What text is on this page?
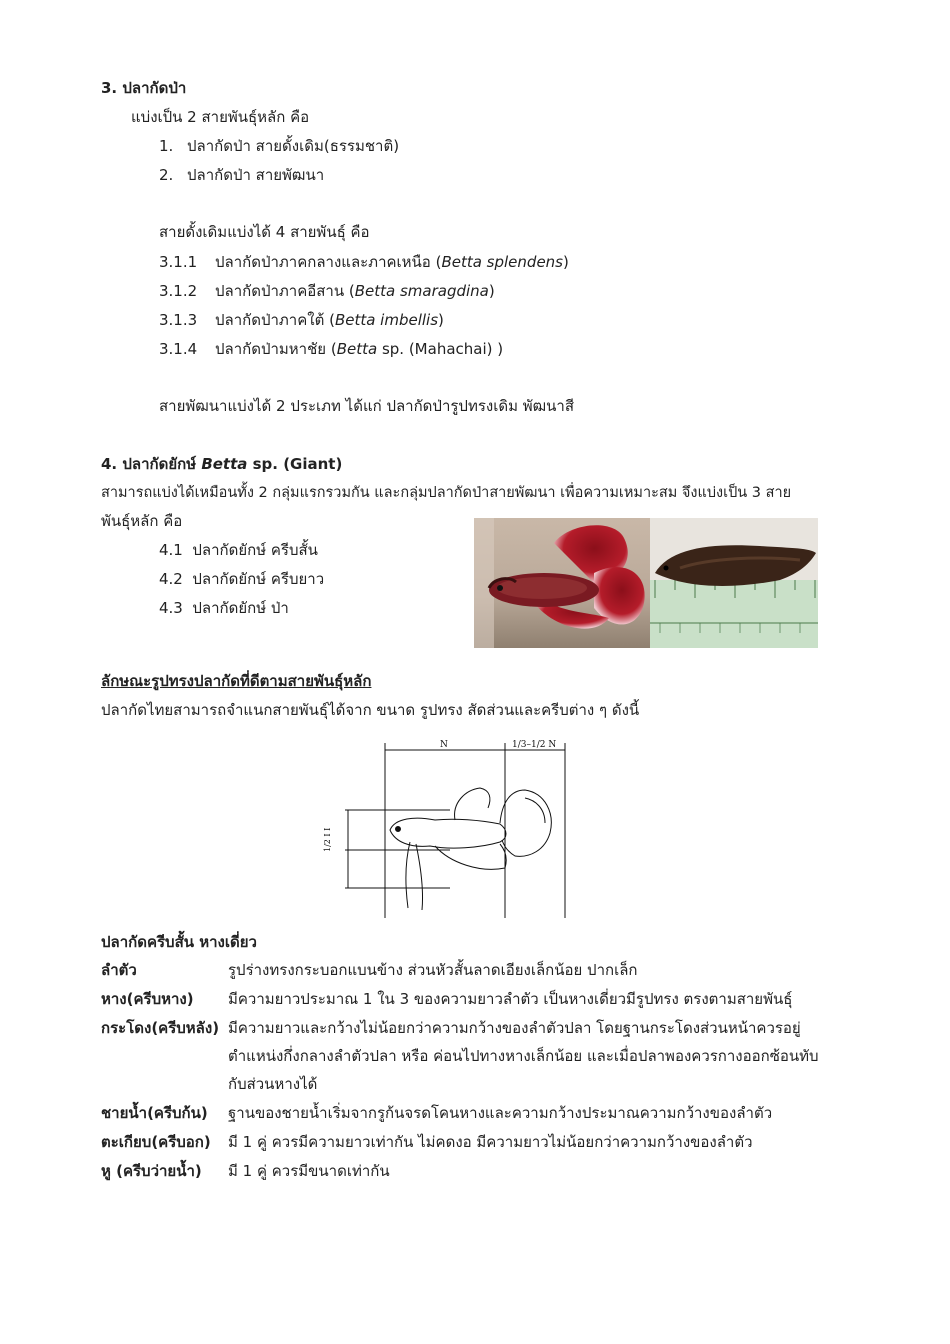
3. ปลากัดป่า
แบ่งเป็น 2 สายพันธุ์หลัก คือ
1. ปลากัดป่า สายดั้งเดิม(ธรรมชาติ)
2. ปลากัดป่า สายพัฒนา
สายดั้งเดิมแบ่งได้ 4 สายพันธุ์ คือ
3.1.1 ปลากัดป่าภาคกลางและภาคเหนือ (Betta splendens)
3.1.2 ปลากัดป่าภาคอีสาน (Betta smaragdina)
3.1.3 ปลากัดป่าภาคใต้ (Betta imbellis)
3.1.4 ปลากัดป่ามหาชัย (Betta sp. (Mahachai) )
สายพัฒนาแบ่งได้ 2 ประเภท ได้แก่ ปลากัดป่ารูปทรงเดิม พัฒนาสี
4. ปลากัดยักษ์ Betta sp. (Giant)
สามารถแบ่งได้เหมือนทั้ง 2 กลุ่มแรกรวมกัน และกลุ่มปลากัดป่าสายพัฒนา เพื่อความเหมาะสม จึงแบ่งเป็น 3 สาย
พันธุ์หลัก คือ
4.1 ปลากัดยักษ์ ครีบสั้น
4.2 ปลากัดยักษ์ ครีบยาว
4.3 ปลากัดยักษ์ ป่า
ลักษณะรูปทรงปลากัดที่ดีตามสายพันธุ์หลัก
ปลากัดไทยสามารถจำแนกสายพันธุ์ได้จาก ขนาด รูปทรง สัดส่วนและครีบต่าง ๆ ดังนี้
N	1/3–1/2 N
1/2 I I
ปลากัดครีบสั้น หางเดี่ยว
ลำตัว	รูปร่างทรงกระบอกแบนข้าง ส่วนหัวสั้นลาดเอียงเล็กน้อย ปากเล็ก
หาง(ครีบหาง) มีความยาวประมาณ 1 ใน 3 ของความยาวลำตัว เป็นหางเดี่ยวมีรูปทรง ตรงตามสายพันธุ์
กระโดง(ครีบหลัง) มีความยาวและกว้างไม่น้อยกว่าความกว้างของลำตัวปลา โดยฐานกระโดงส่วนหน้าควรอยู่
ตำแหน่งกึ่งกลางลำตัวปลา หรือ ค่อนไปทางหางเล็กน้อย และเมื่อปลาพองควรกางออกซ้อนทับ
กับส่วนหางได้
ชายน้ำ(ครีบก้น) ฐานของชายน้ำเริ่มจากรูก้นจรดโคนหางและความกว้างประมาณความกว้างของลำตัว
ตะเกียบ(ครีบอก) มี 1 คู่ ควรมีความยาวเท่ากัน ไม่คดงอ มีความยาวไม่น้อยกว่าความกว้างของลำตัว
หู (ครีบว่ายน้ำ) มี 1 คู่ ควรมีขนาดเท่ากัน
